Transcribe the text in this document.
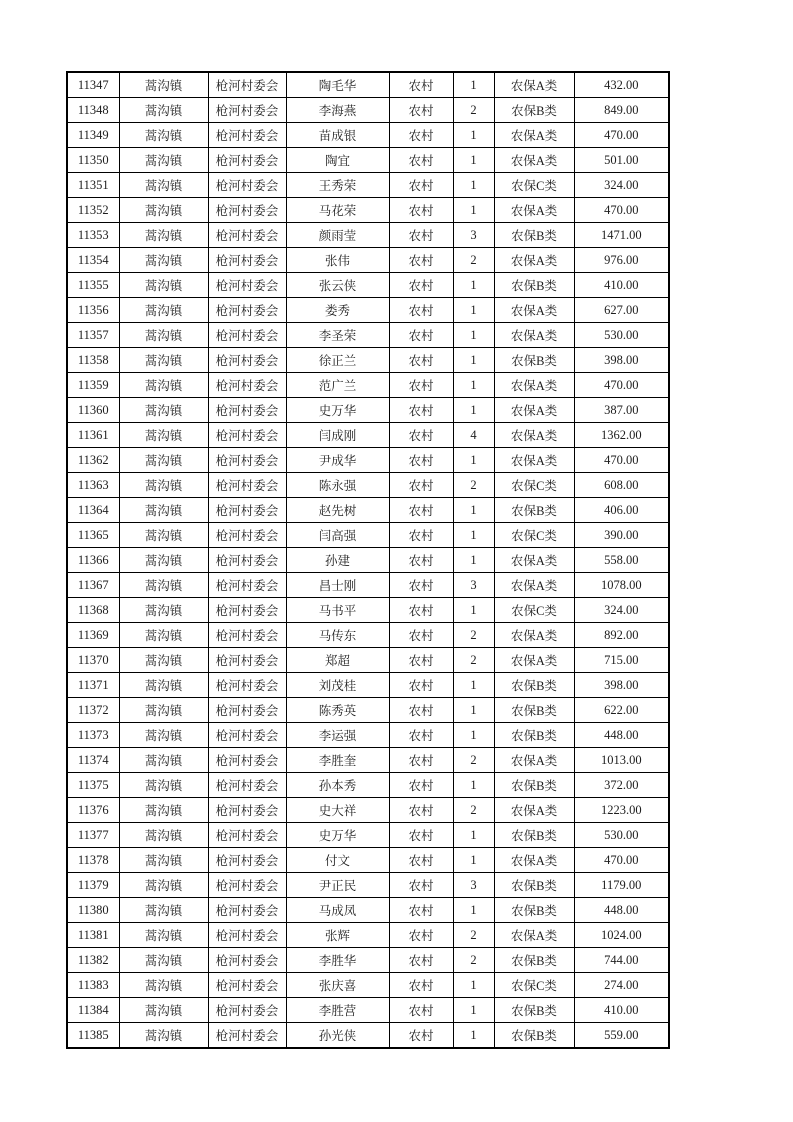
11347	蒿沟镇	枪河村委会	陶毛华	农村	1	农保A类	432.00
11348	蒿沟镇	枪河村委会	李海燕	农村	2	农保B类	849.00
11349	蒿沟镇	枪河村委会	苗成银	农村	1	农保A类	470.00
11350	蒿沟镇	枪河村委会	陶宜	农村	1	农保A类	501.00
11351	蒿沟镇	枪河村委会	王秀荣	农村	1	农保C类	324.00
11352	蒿沟镇	枪河村委会	马花荣	农村	1	农保A类	470.00
11353	蒿沟镇	枪河村委会	颜雨莹	农村	3	农保B类	1471.00
11354	蒿沟镇	枪河村委会	张伟	农村	2	农保A类	976.00
11355	蒿沟镇	枪河村委会	张云侠	农村	1	农保B类	410.00
11356	蒿沟镇	枪河村委会	娄秀	农村	1	农保A类	627.00
11357	蒿沟镇	枪河村委会	李圣荣	农村	1	农保A类	530.00
11358	蒿沟镇	枪河村委会	徐正兰	农村	1	农保B类	398.00
11359	蒿沟镇	枪河村委会	范广兰	农村	1	农保A类	470.00
11360	蒿沟镇	枪河村委会	史万华	农村	1	农保A类	387.00
11361	蒿沟镇	枪河村委会	闫成刚	农村	4	农保A类	1362.00
11362	蒿沟镇	枪河村委会	尹成华	农村	1	农保A类	470.00
11363	蒿沟镇	枪河村委会	陈永强	农村	2	农保C类	608.00
11364	蒿沟镇	枪河村委会	赵先树	农村	1	农保B类	406.00
11365	蒿沟镇	枪河村委会	闫高强	农村	1	农保C类	390.00
11366	蒿沟镇	枪河村委会	孙建	农村	1	农保A类	558.00
11367	蒿沟镇	枪河村委会	昌士刚	农村	3	农保A类	1078.00
11368	蒿沟镇	枪河村委会	马书平	农村	1	农保C类	324.00
11369	蒿沟镇	枪河村委会	马传东	农村	2	农保A类	892.00
11370	蒿沟镇	枪河村委会	郑超	农村	2	农保A类	715.00
11371	蒿沟镇	枪河村委会	刘茂桂	农村	1	农保B类	398.00
11372	蒿沟镇	枪河村委会	陈秀英	农村	1	农保B类	622.00
11373	蒿沟镇	枪河村委会	李运强	农村	1	农保B类	448.00
11374	蒿沟镇	枪河村委会	李胜奎	农村	2	农保A类	1013.00
11375	蒿沟镇	枪河村委会	孙本秀	农村	1	农保B类	372.00
11376	蒿沟镇	枪河村委会	史大祥	农村	2	农保A类	1223.00
11377	蒿沟镇	枪河村委会	史万华	农村	1	农保B类	530.00
11378	蒿沟镇	枪河村委会	付文	农村	1	农保A类	470.00
11379	蒿沟镇	枪河村委会	尹正民	农村	3	农保B类	1179.00
11380	蒿沟镇	枪河村委会	马成凤	农村	1	农保B类	448.00
11381	蒿沟镇	枪河村委会	张辉	农村	2	农保A类	1024.00
11382	蒿沟镇	枪河村委会	李胜华	农村	2	农保B类	744.00
11383	蒿沟镇	枪河村委会	张庆喜	农村	1	农保C类	274.00
11384	蒿沟镇	枪河村委会	李胜营	农村	1	农保B类	410.00
11385	蒿沟镇	枪河村委会	孙光侠	农村	1	农保B类	559.00
